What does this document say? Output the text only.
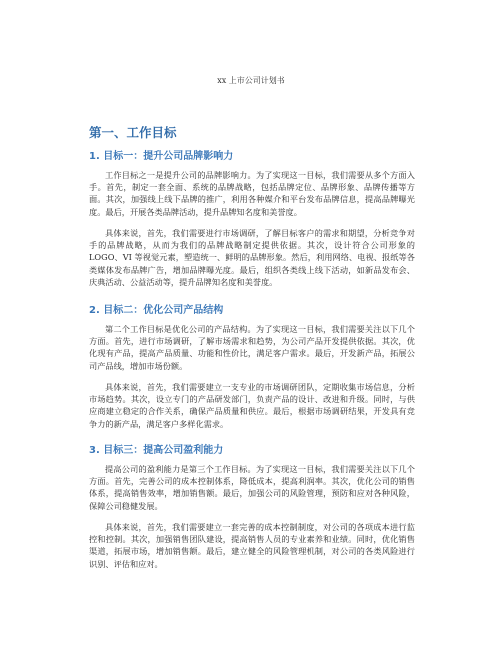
xx 上市公司计划书
第一、工作目标
1. 目标一：提升公司品牌影响力

工作目标之一是提升公司的品牌影响力。为了实现这一目标，我们需要从多个方面入手。首先，制定一套全面、系统的品牌战略，包括品牌定位、品牌形象、品牌传播等方面。其次，加强线上线下品牌的推广，利用各种媒介和平台发布品牌信息，提高品牌曝光度。最后，开展各类品牌活动，提升品牌知名度和美誉度。

具体来说，首先，我们需要进行市场调研，了解目标客户的需求和期望，分析竞争对手的品牌战略，从而为我们的品牌战略制定提供依据。其次，设计符合公司形象的LOGO、VI 等视觉元素，塑造统一、鲜明的品牌形象。然后，利用网络、电视、报纸等各类媒体发布品牌广告，增加品牌曝光度。最后，组织各类线上线下活动，如新品发布会、庆典活动、公益活动等，提升品牌知名度和美誉度。

2. 目标二：优化公司产品结构

第二个工作目标是优化公司的产品结构。为了实现这一目标，我们需要关注以下几个方面。首先，进行市场调研，了解市场需求和趋势，为公司产品开发提供依据。其次，优化现有产品，提高产品质量、功能和性价比，满足客户需求。最后，开发新产品，拓展公司产品线，增加市场份额。

具体来说，首先，我们需要建立一支专业的市场调研团队，定期收集市场信息，分析市场趋势。其次，设立专门的产品研发部门，负责产品的设计、改进和升级。同时，与供应商建立稳定的合作关系，确保产品质量和供应。最后，根据市场调研结果，开发具有竞争力的新产品，满足客户多样化需求。

3. 目标三：提高公司盈利能力

提高公司的盈利能力是第三个工作目标。为了实现这一目标，我们需要关注以下几个方面。首先，完善公司的成本控制体系，降低成本，提高利润率。其次，优化公司的销售体系，提高销售效率，增加销售额。最后，加强公司的风险管理，预防和应对各种风险，保障公司稳健发展。

具体来说，首先，我们需要建立一套完善的成本控制制度，对公司的各项成本进行监控和控制。其次，加强销售团队建设，提高销售人员的专业素养和业绩。同时，优化销售渠道，拓展市场，增加销售额。最后，建立健全的风险管理机制，对公司的各类风险进行识别、评估和应对。
